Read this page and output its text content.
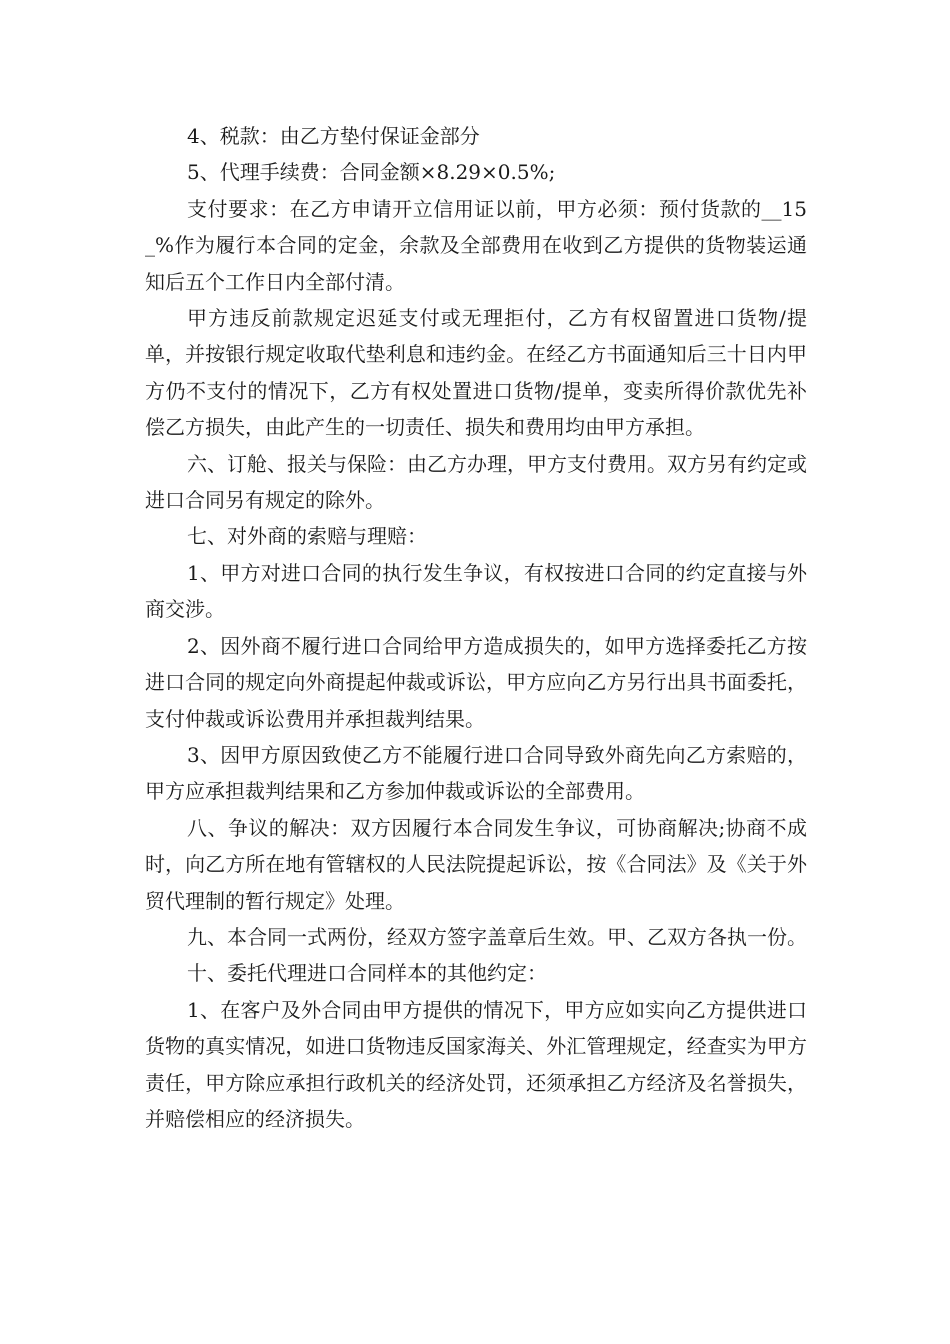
4、税款：由乙方垫付保证金部分

5、代理手续费：合同金额×8.29×0.5%;

支付要求：在乙方申请开立信用证以前，甲方必须：预付货款的__15_%作为履行本合同的定金，余款及全部费用在收到乙方提供的货物装运通知后五个工作日内全部付清。

甲方违反前款规定迟延支付或无理拒付，乙方有权留置进口货物/提单，并按银行规定收取代垫利息和违约金。在经乙方书面通知后三十日内甲方仍不支付的情况下，乙方有权处置进口货物/提单，变卖所得价款优先补偿乙方损失，由此产生的一切责任、损失和费用均由甲方承担。

六、订舱、报关与保险：由乙方办理，甲方支付费用。双方另有约定或进口合同另有规定的除外。

七、对外商的索赔与理赔：

1、甲方对进口合同的执行发生争议，有权按进口合同的约定直接与外商交涉。

2、因外商不履行进口合同给甲方造成损失的，如甲方选择委托乙方按进口合同的规定向外商提起仲裁或诉讼，甲方应向乙方另行出具书面委托，支付仲裁或诉讼费用并承担裁判结果。

3、因甲方原因致使乙方不能履行进口合同导致外商先向乙方索赔的，甲方应承担裁判结果和乙方参加仲裁或诉讼的全部费用。

八、争议的解决：双方因履行本合同发生争议，可协商解决;协商不成时，向乙方所在地有管辖权的人民法院提起诉讼，按《合同法》及《关于外贸代理制的暂行规定》处理。

九、本合同一式两份，经双方签字盖章后生效。甲、乙双方各执一份。

十、委托代理进口合同样本的其他约定：

1、在客户及外合同由甲方提供的情况下，甲方应如实向乙方提供进口货物的真实情况，如进口货物违反国家海关、外汇管理规定，经查实为甲方责任，甲方除应承担行政机关的经济处罚，还须承担乙方经济及名誉损失，并赔偿相应的经济损失。
